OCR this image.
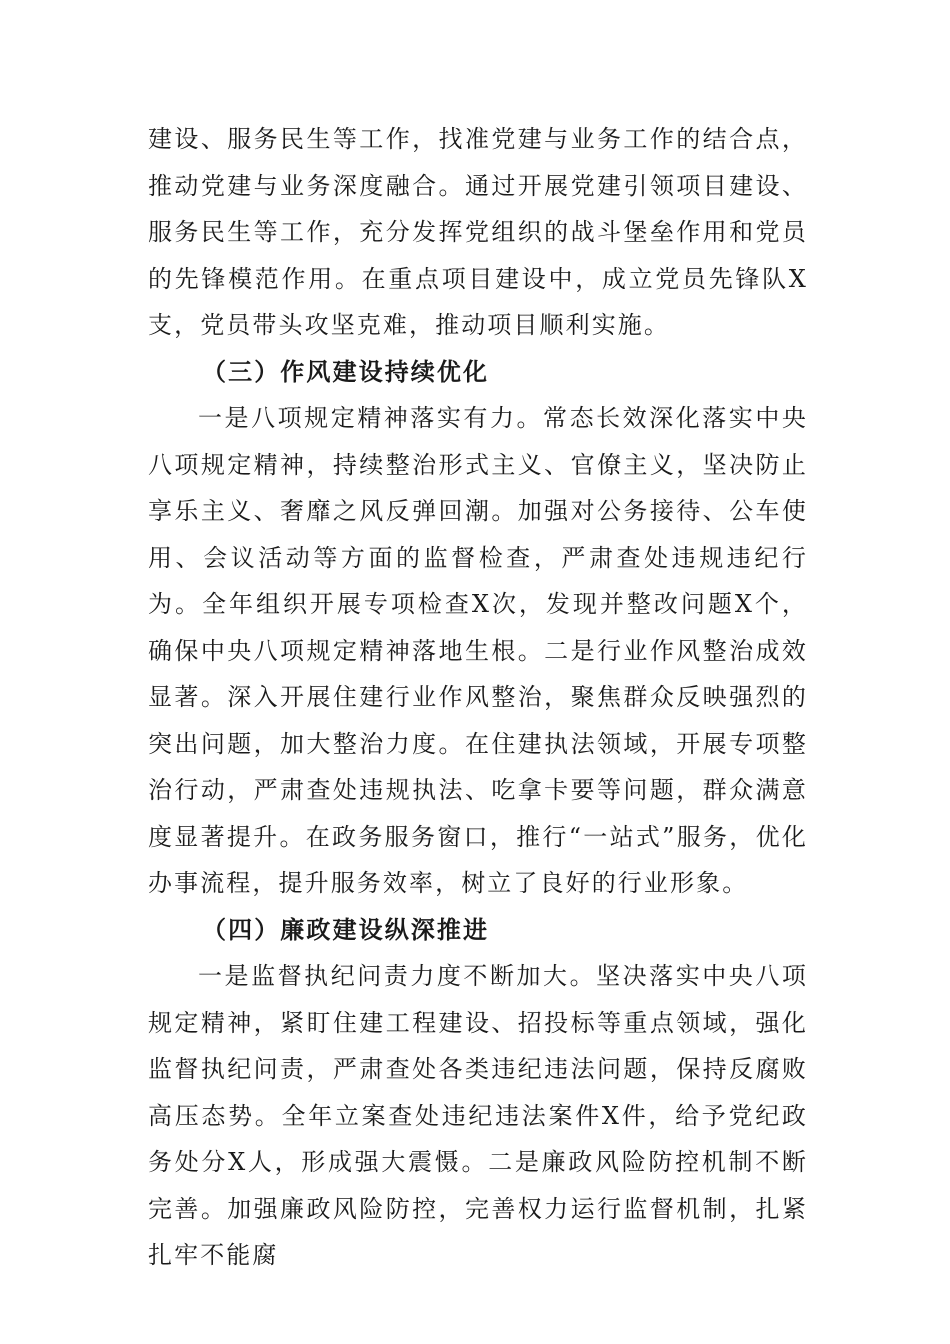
建设、服务民生等工作，找准党建与业务工作的结合点，推动党建与业务深度融合。通过开展党建引领项目建设、服务民生等工作，充分发挥党组织的战斗堡垒作用和党员的先锋模范作用。在重点项目建设中，成立党员先锋队X支，党员带头攻坚克难，推动项目顺利实施。

（三）作风建设持续优化

一是八项规定精神落实有力。常态长效深化落实中央八项规定精神，持续整治形式主义、官僚主义，坚决防止享乐主义、奢靡之风反弹回潮。加强对公务接待、公车使用、会议活动等方面的监督检查，严肃查处违规违纪行为。全年组织开展专项检查X次，发现并整改问题X个，确保中央八项规定精神落地生根。二是行业作风整治成效显著。深入开展住建行业作风整治，聚焦群众反映强烈的突出问题，加大整治力度。在住建执法领域，开展专项整治行动，严肃查处违规执法、吃拿卡要等问题，群众满意度显著提升。在政务服务窗口，推行“一站式”服务，优化办事流程，提升服务效率，树立了良好的行业形象。

（四）廉政建设纵深推进

一是监督执纪问责力度不断加大。坚决落实中央八项规定精神，紧盯住建工程建设、招投标等重点领域，强化监督执纪问责，严肃查处各类违纪违法问题，保持反腐败高压态势。全年立案查处违纪违法案件X件，给予党纪政务处分X人，形成强大震慑。二是廉政风险防控机制不断完善。加强廉政风险防控，完善权力运行监督机制，扎紧扎牢不能腐
